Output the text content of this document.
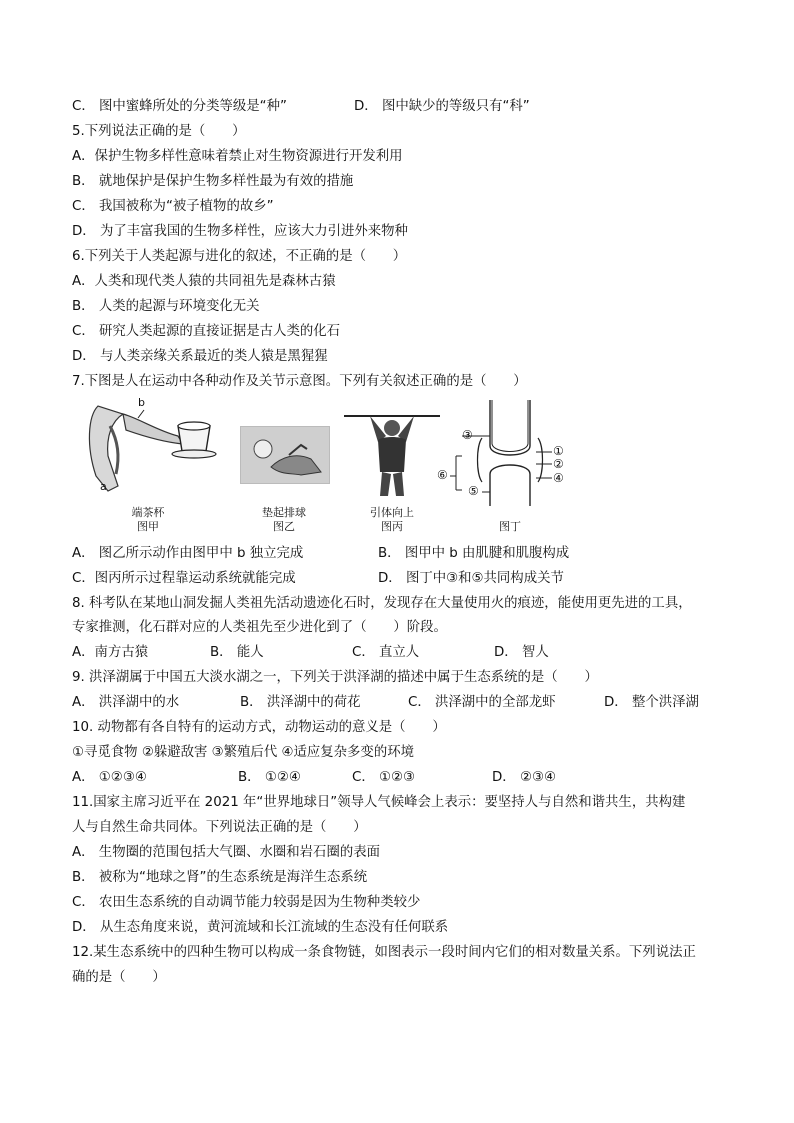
C． 图中蜜蜂所处的分类等级是“种”	D． 图中缺少的等级只有“科”
5.下列说法正确的是（　　）
A．保护生物多样性意味着禁止对生物资源进行开发利用
B． 就地保护是保护生物多样性最为有效的措施
C． 我国被称为“被子植物的故乡”
D． 为了丰富我国的生物多样性，应该大力引进外来物种
6.下列关于人类起源与进化的叙述，不正确的是（　　）
A．人类和现代类人猿的共同祖先是森林古猿
B． 人类的起源与环境变化无关
C． 研究人类起源的直接证据是古人类的化石
D． 与人类亲缘关系最近的类人猿是黑猩猩
7.下图是人在运动中各种动作及关节示意图。下列有关叙述正确的是（　　）
b
a
端茶杯
图甲
垫起排球
图乙
引体向上
图丙
③
①
②
④
⑥
⑤
图丁
A． 图乙所示动作由图甲中 b 独立完成	B． 图甲中 b 由肌腱和肌腹构成
C．图丙所示过程靠运动系统就能完成	D． 图丁中③和⑤共同构成关节
8. 科考队在某地山洞发掘人类祖先活动遗迹化石时，发现存在大量使用火的痕迹，能使用更先进的工具，
专家推测，化石群对应的人类祖先至少进化到了（　　）阶段。
A．南方古猿	B． 能人	C． 直立人	D． 智人
9. 洪泽湖属于中国五大淡水湖之一，下列关于洪泽湖的描述中属于生态系统的是（　　）
A． 洪泽湖中的水	B． 洪泽湖中的荷花	C． 洪泽湖中的全部龙虾	D． 整个洪泽湖
10. 动物都有各自特有的运动方式，动物运动的意义是（　　）
①寻觅食物 ②躲避敌害 ③繁殖后代 ④适应复杂多变的环境
A． ①②③④	B． ①②④	C． ①②③	D． ②③④
11.国家主席习近平在 2021 年“世界地球日”领导人气候峰会上表示：要坚持人与自然和谐共生，共构建
人与自然生命共同体。下列说法正确的是（　　）
A． 生物圈的范围包括大气圈、水圈和岩石圈的表面
B． 被称为“地球之肾”的生态系统是海洋生态系统
C． 农田生态系统的自动调节能力较弱是因为生物种类较少
D． 从生态角度来说，黄河流域和长江流域的生态没有任何联系
12.某生态系统中的四种生物可以构成一条食物链，如图表示一段时间内它们的相对数量关系。下列说法正
确的是（　　）
